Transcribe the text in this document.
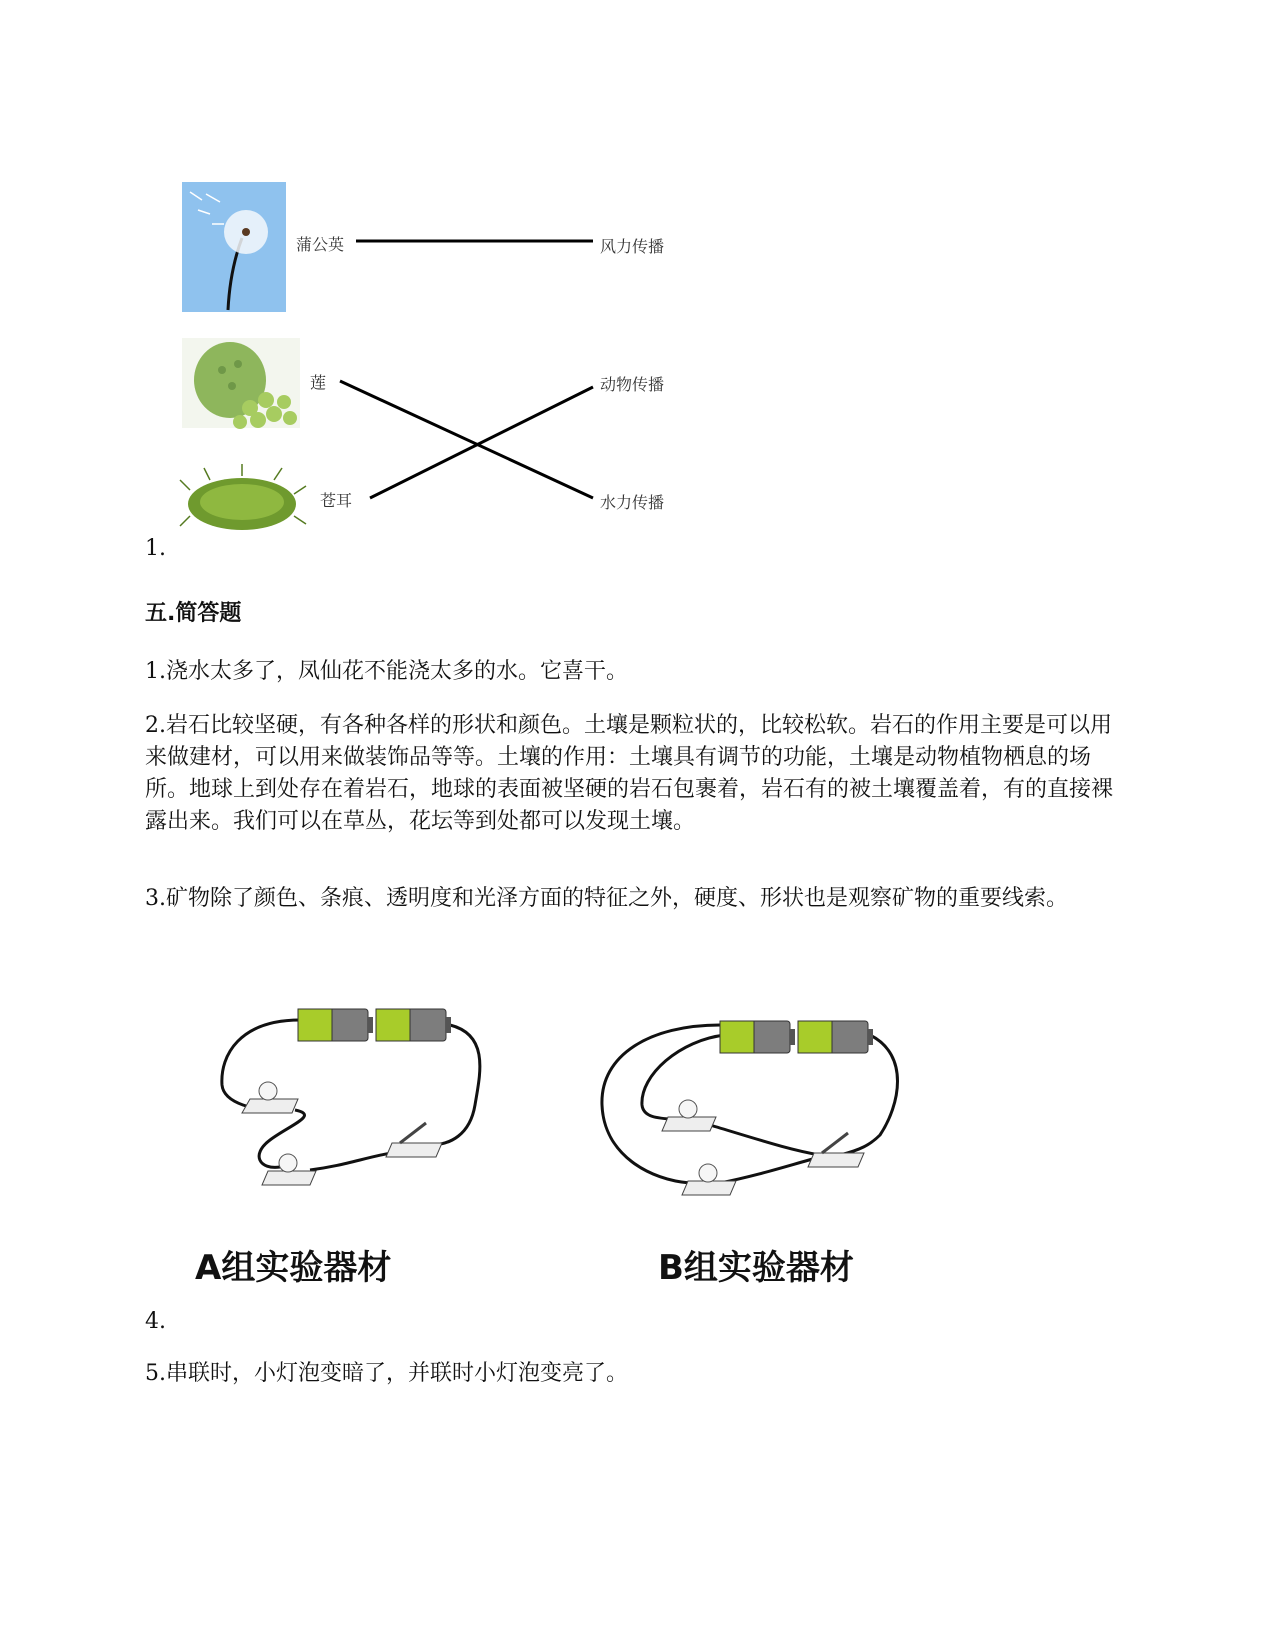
蒲公英
莲
苍耳
风力传播
动物传播
水力传播
1.
五.简答题
1.浇水太多了，凤仙花不能浇太多的水。它喜干。
2.岩石比较坚硬，有各种各样的形状和颜色。土壤是颗粒状的，比较松软。岩石的作用主要是可以用来做建材，可以用来做装饰品等等。土壤的作用：土壤具有调节的功能，土壤是动物植物栖息的场所。地球上到处存在着岩石，地球的表面被坚硬的岩石包裹着，岩石有的被土壤覆盖着，有的直接裸露出来。我们可以在草丛，花坛等到处都可以发现土壤。
3.矿物除了颜色、条痕、透明度和光泽方面的特征之外，硬度、形状也是观察矿物的重要线索。
A组实验器材	B组实验器材
4.
5.串联时，小灯泡变暗了，并联时小灯泡变亮了。
